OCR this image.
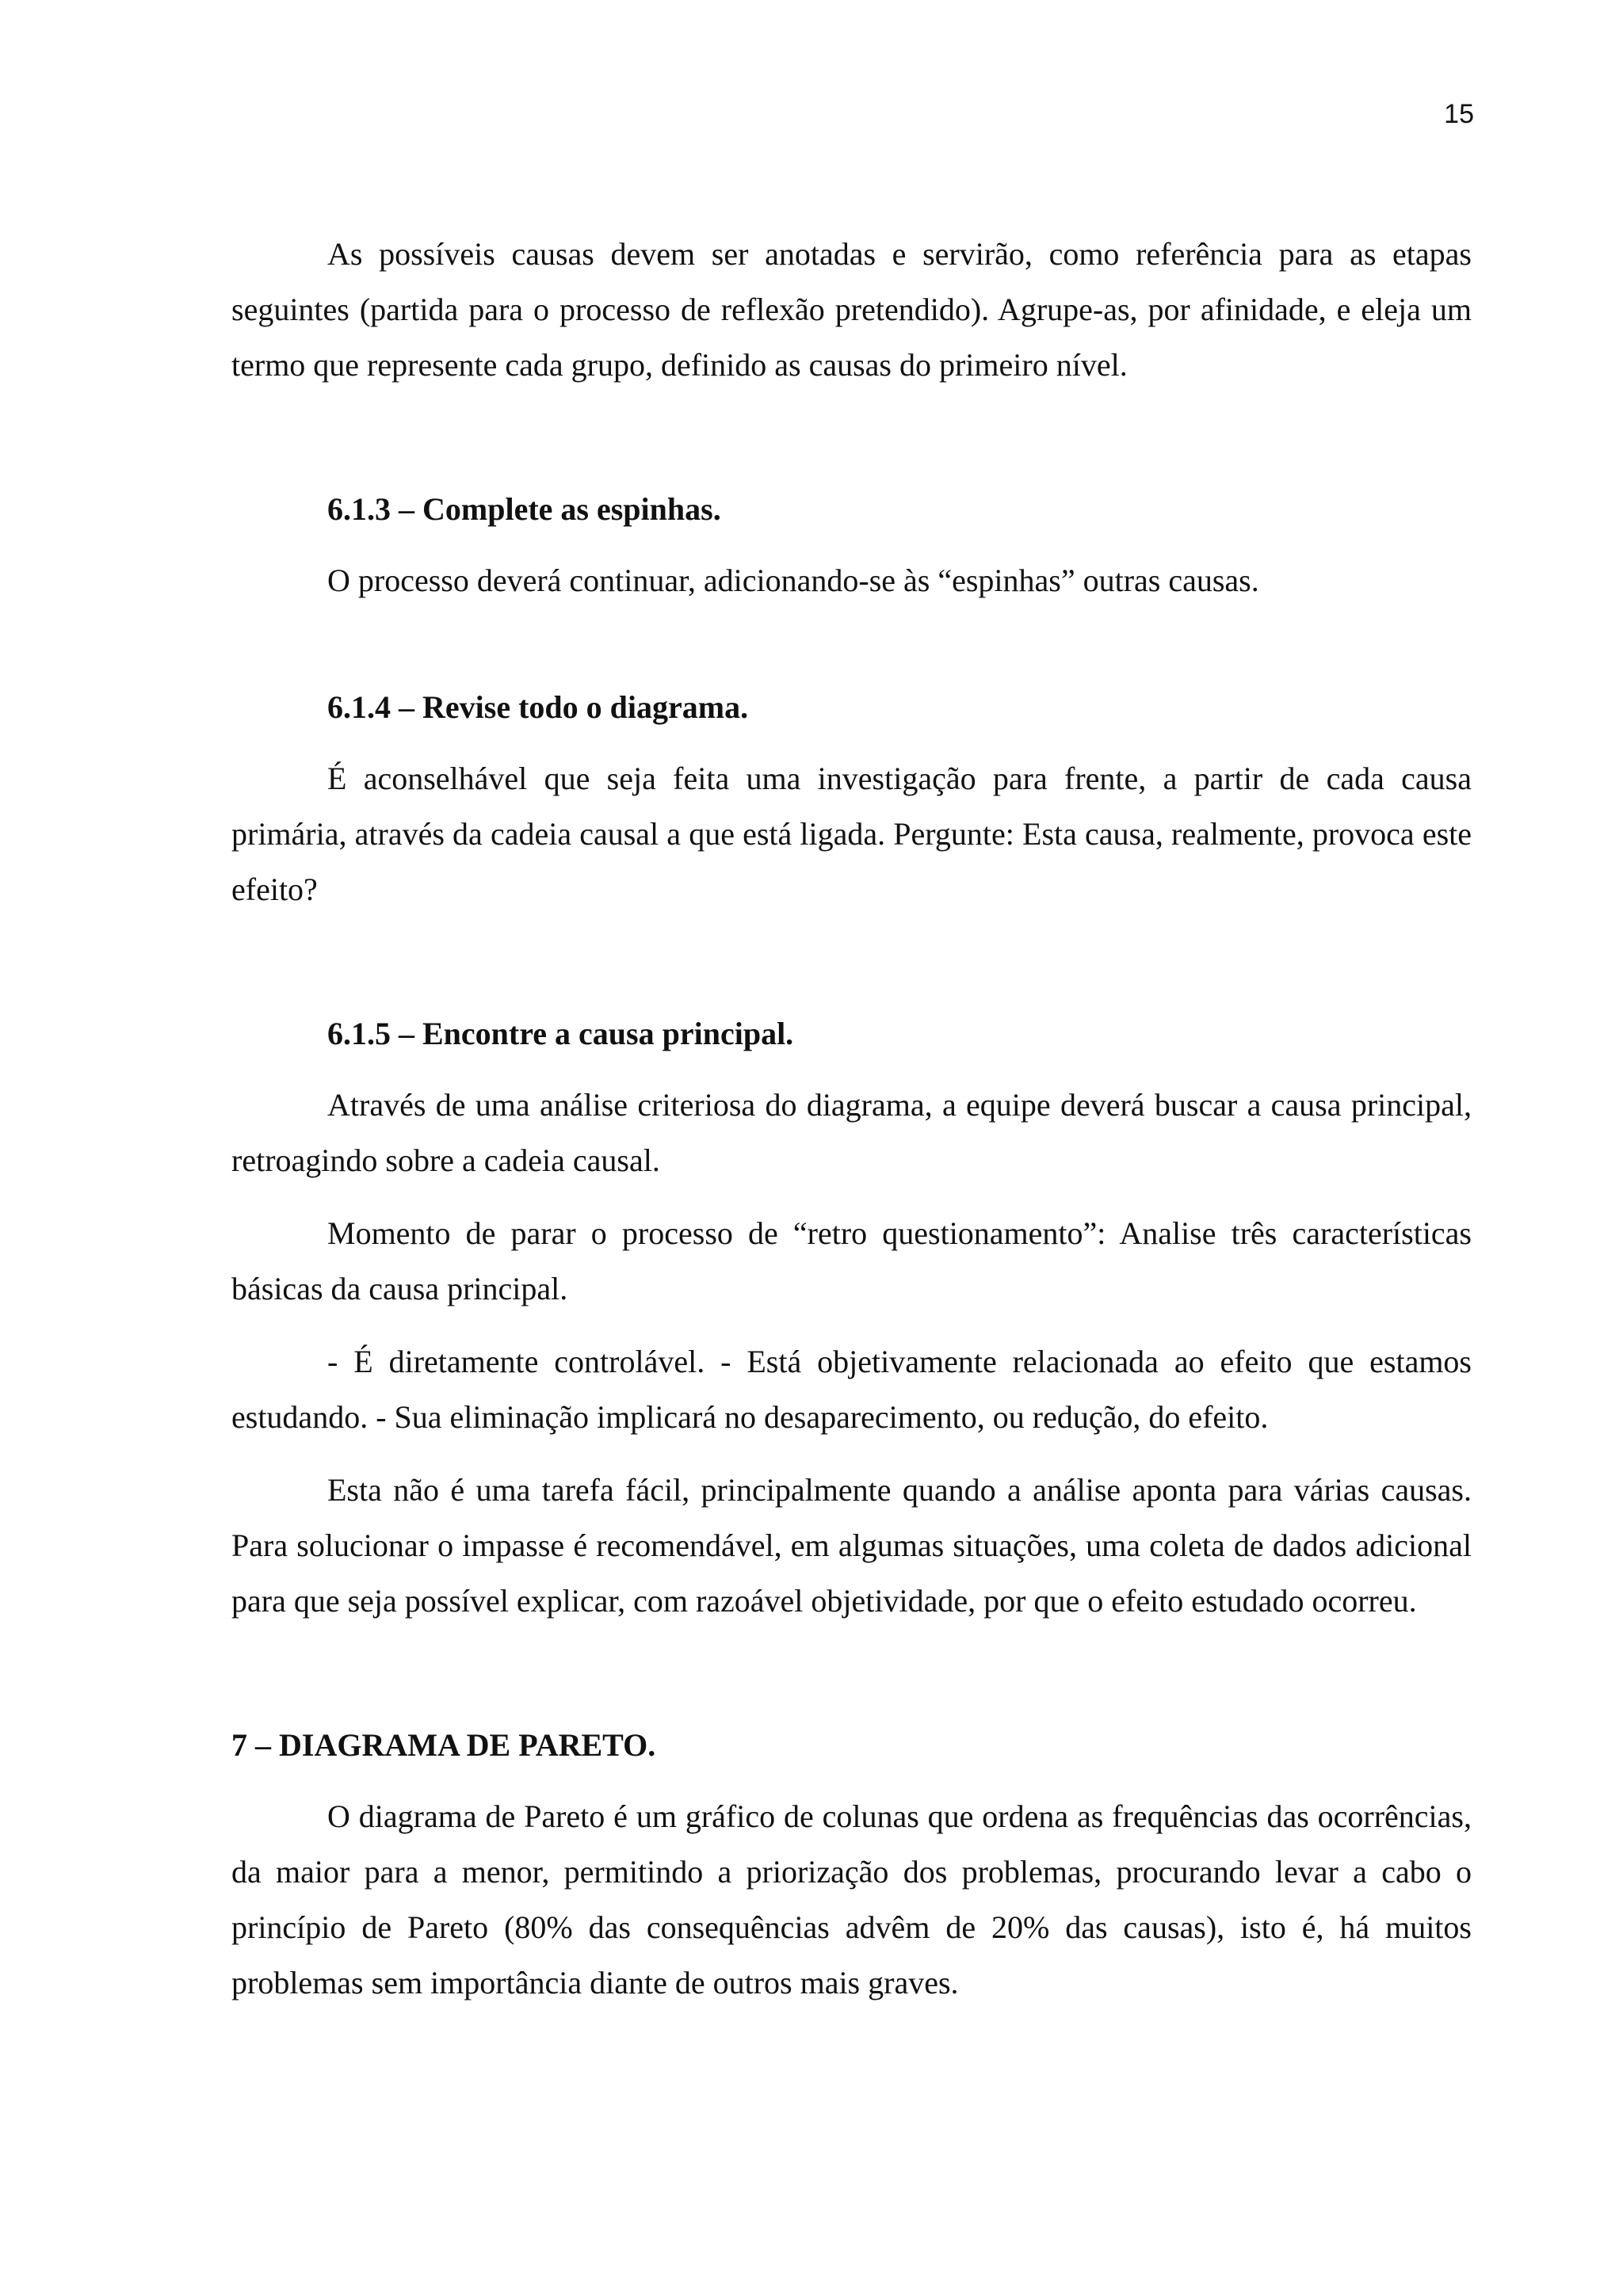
15

As possíveis causas devem ser anotadas e servirão, como referência para as etapas seguintes (partida para o processo de reflexão pretendido). Agrupe-as, por afinidade, e eleja um termo que represente cada grupo, definido as causas do primeiro nível.

6.1.3 – Complete as espinhas.

O processo deverá continuar, adicionando-se às “espinhas” outras causas.

6.1.4 – Revise todo o diagrama.

É aconselhável que seja feita uma investigação para frente, a partir de cada causa primária, através da cadeia causal a que está ligada. Pergunte: Esta causa, realmente, provoca este efeito?

6.1.5 – Encontre a causa principal.

Através de uma análise criteriosa do diagrama, a equipe deverá buscar a causa principal, retroagindo sobre a cadeia causal.

Momento de parar o processo de “retro questionamento”: Analise três características básicas da causa principal.

- É diretamente controlável. - Está objetivamente relacionada ao efeito que estamos estudando. - Sua eliminação implicará no desaparecimento, ou redução, do efeito.

Esta não é uma tarefa fácil, principalmente quando a análise aponta para várias causas. Para solucionar o impasse é recomendável, em algumas situações, uma coleta de dados adicional para que seja possível explicar, com razoável objetividade, por que o efeito estudado ocorreu.

7 – DIAGRAMA DE PARETO.

O diagrama de Pareto é um gráfico de colunas que ordena as frequências das ocorrências, da maior para a menor, permitindo a priorização dos problemas, procurando levar a cabo o princípio de Pareto (80% das consequências advêm de 20% das causas), isto é, há muitos problemas sem importância diante de outros mais graves.
